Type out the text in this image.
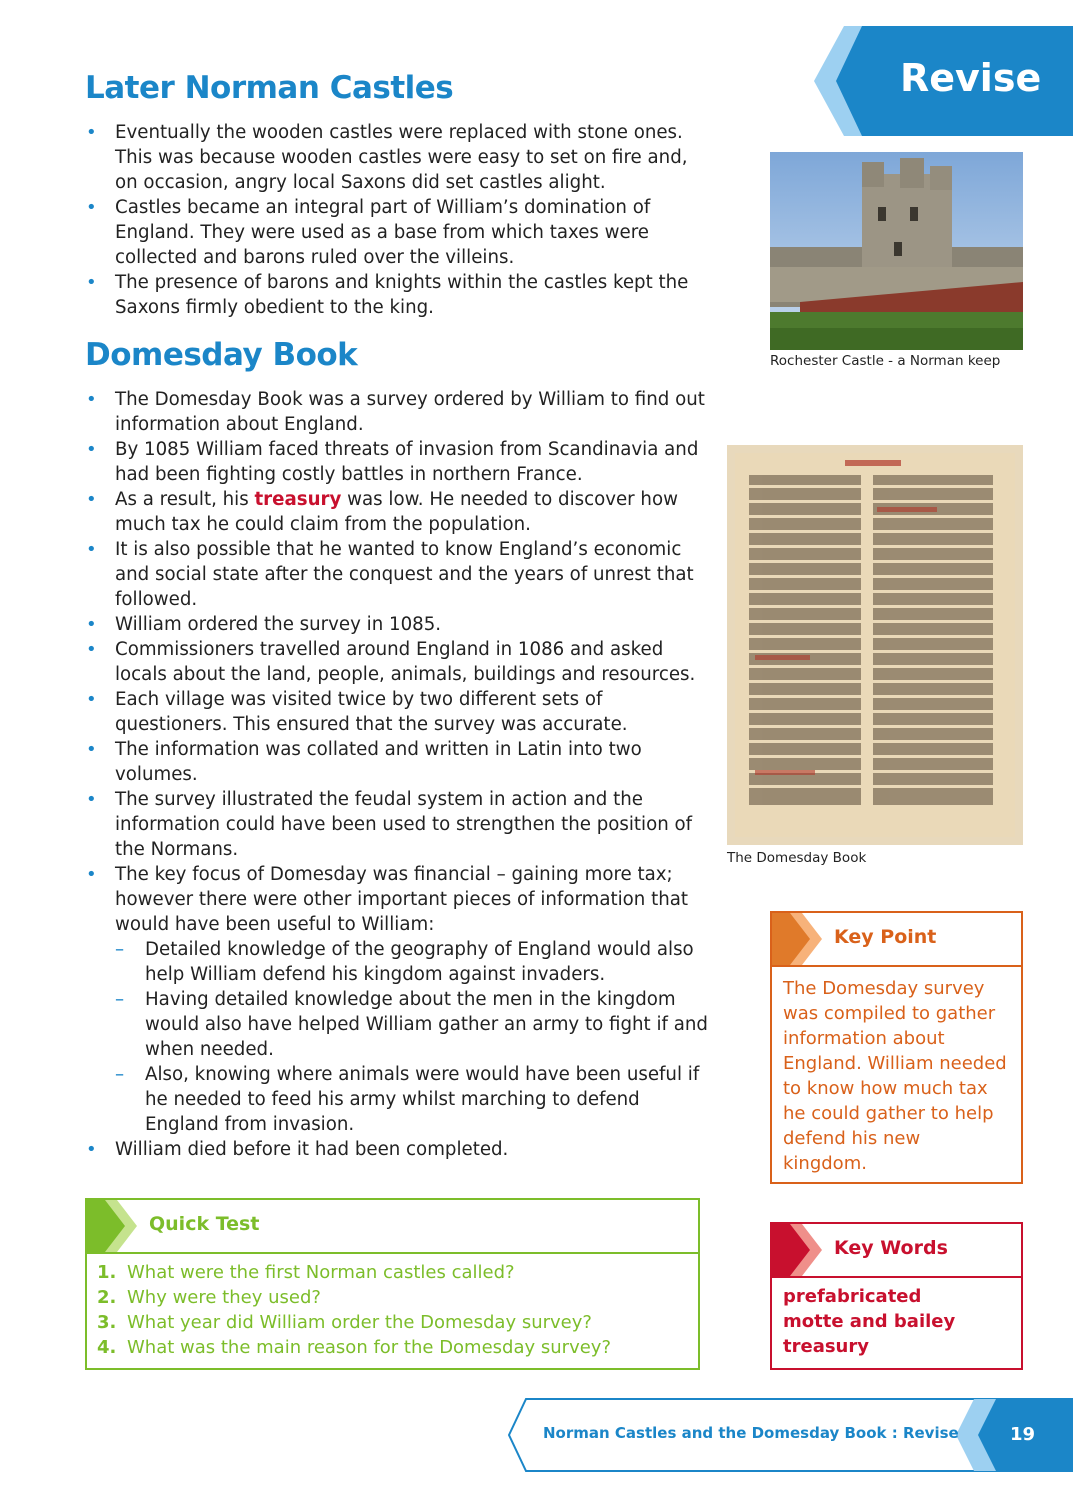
Revise
Later Norman Castles
• Eventually the wooden castles were replaced with stone ones. This was because wooden castles were easy to set on fire and, on occasion, angry local Saxons did set castles alight.
• Castles became an integral part of William’s domination of England. They were used as a base from which taxes were collected and barons ruled over the villeins.
• The presence of barons and knights within the castles kept the Saxons firmly obedient to the king.
Domesday Book
• The Domesday Book was a survey ordered by William to find out information about England.
• By 1085 William faced threats of invasion from Scandinavia and had been fighting costly battles in northern France.
• As a result, his treasury was low. He needed to discover how much tax he could claim from the population.
• It is also possible that he wanted to know England’s economic and social state after the conquest and the years of unrest that followed.
• William ordered the survey in 1085.
• Commissioners travelled around England in 1086 and asked locals about the land, people, animals, buildings and resources.
• Each village was visited twice by two different sets of questioners. This ensured that the survey was accurate.
• The information was collated and written in Latin into two volumes.
• The survey illustrated the feudal system in action and the information could have been used to strengthen the position of the Normans.
• The key focus of Domesday was financial – gaining more tax; however there were other important pieces of information that would have been useful to William:
– Detailed knowledge of the geography of England would also help William defend his kingdom against invaders.
– Having detailed knowledge about the men in the kingdom would also have helped William gather an army to fight if and when needed.
– Also, knowing where animals were would have been useful if he needed to feed his army whilst marching to defend England from invasion.
• William died before it had been completed.
Rochester Castle - a Norman keep
The Domesday Book
Key Point
The Domesday survey was compiled to gather information about England. William needed to know how much tax he could gather to help defend his new kingdom.
Key Words
prefabricated
motte and bailey
treasury
Quick Test
1. What were the first Norman castles called?
2. Why were they used?
3. What year did William order the Domesday survey?
4. What was the main reason for the Domesday survey?
Norman Castles and the Domesday Book : Revise	19
